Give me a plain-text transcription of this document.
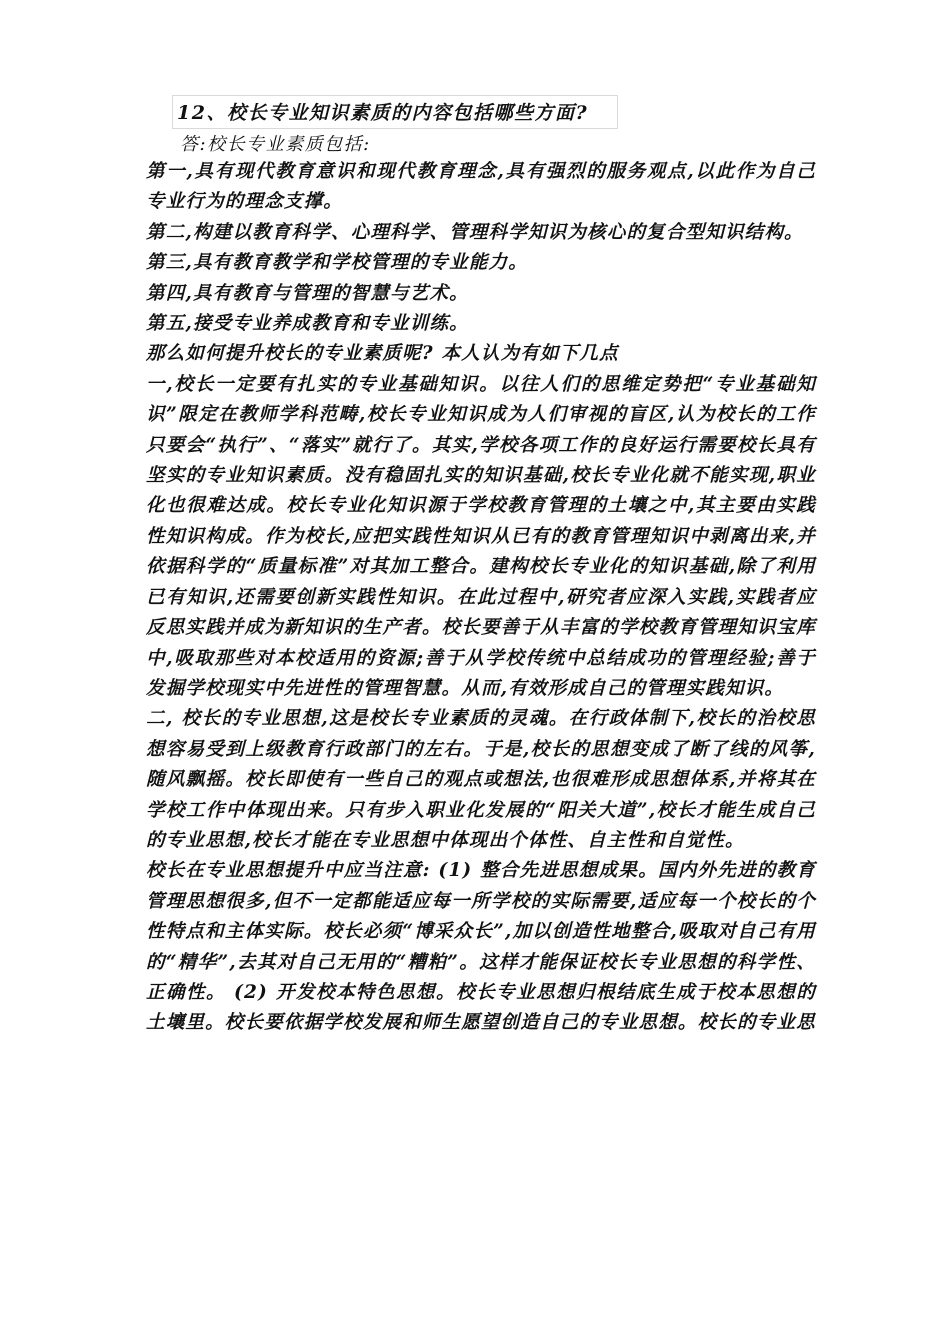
12、校长专业知识素质的内容包括哪些方面?
答:校长专业素质包括:

第一,具有现代教育意识和现代教育理念,具有强烈的服务观点,以此作为自己专业行为的理念支撑。

第二,构建以教育科学、心理科学、管理科学知识为核心的复合型知识结构。

第三,具有教育教学和学校管理的专业能力。

第四,具有教育与管理的智慧与艺术。

第五,接受专业养成教育和专业训练。

那么如何提升校长的专业素质呢? 本人认为有如下几点

一,校长一定要有扎实的专业基础知识。以往人们的思维定势把“专业基础知识”限定在教师学科范畴,校长专业知识成为人们审视的盲区,认为校长的工作只要会“执行”、“落实”就行了。其实,学校各项工作的良好运行需要校长具有坚实的专业知识素质。没有稳固扎实的知识基础,校长专业化就不能实现,职业化也很难达成。校长专业化知识源于学校教育管理的土壤之中,其主要由实践性知识构成。作为校长,应把实践性知识从已有的教育管理知识中剥离出来,并依据科学的“质量标准”对其加工整合。建构校长专业化的知识基础,除了利用已有知识,还需要创新实践性知识。在此过程中,研究者应深入实践,实践者应反思实践并成为新知识的生产者。校长要善于从丰富的学校教育管理知识宝库中,吸取那些对本校适用的资源;善于从学校传统中总结成功的管理经验;善于发掘学校现实中先进性的管理智慧。从而,有效形成自己的管理实践知识。

二, 校长的专业思想,这是校长专业素质的灵魂。在行政体制下,校长的治校思想容易受到上级教育行政部门的左右。于是,校长的思想变成了断了线的风筝,随风飘摇。校长即使有一些自己的观点或想法,也很难形成思想体系,并将其在学校工作中体现出来。只有步入职业化发展的“阳关大道”,校长才能生成自己的专业思想,校长才能在专业思想中体现出个体性、自主性和自觉性。

校长在专业思想提升中应当注意: (1) 整合先进思想成果。国内外先进的教育管理思想很多,但不一定都能适应每一所学校的实际需要,适应每一个校长的个性特点和主体实际。校长必须“博采众长”,加以创造性地整合,吸取对自己有用的“精华”,去其对自己无用的“糟粕”。这样才能保证校长专业思想的科学性、正确性。 (2) 开发校本特色思想。校长专业思想归根结底生成于校本思想的土壤里。校长要依据学校发展和师生愿望创造自己的专业思想。校长的专业思
